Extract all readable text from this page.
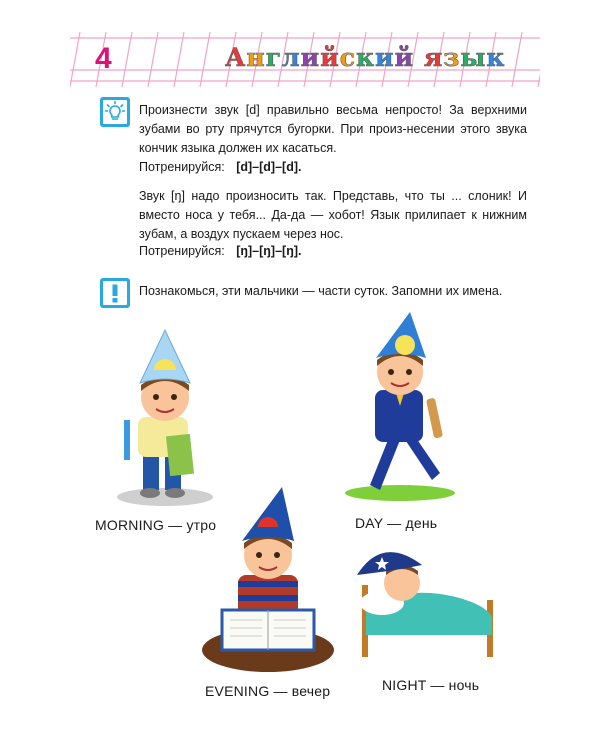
4	Английский язык
Произнести звук [d] правильно весьма непросто! За верхними зубами во рту прячутся бугорки. При произ-несении этого звука кончик языка должен их касаться.
Потренируйся: [d]–[d]–[d].
Звук [ŋ] надо произносить так. Представь, что ты ... слоник! И вместо носа у тебя... Да-да — хобот! Язык прилипает к нижним зубам, а воздух пускаем через нос.
Потренируйся: [ŋ]–[ŋ]–[ŋ].
Познакомься, эти мальчики — части суток. Запомни их имена.
MORNING — утро	DAY — день
EVENING — вечер	NIGHT — ночь
